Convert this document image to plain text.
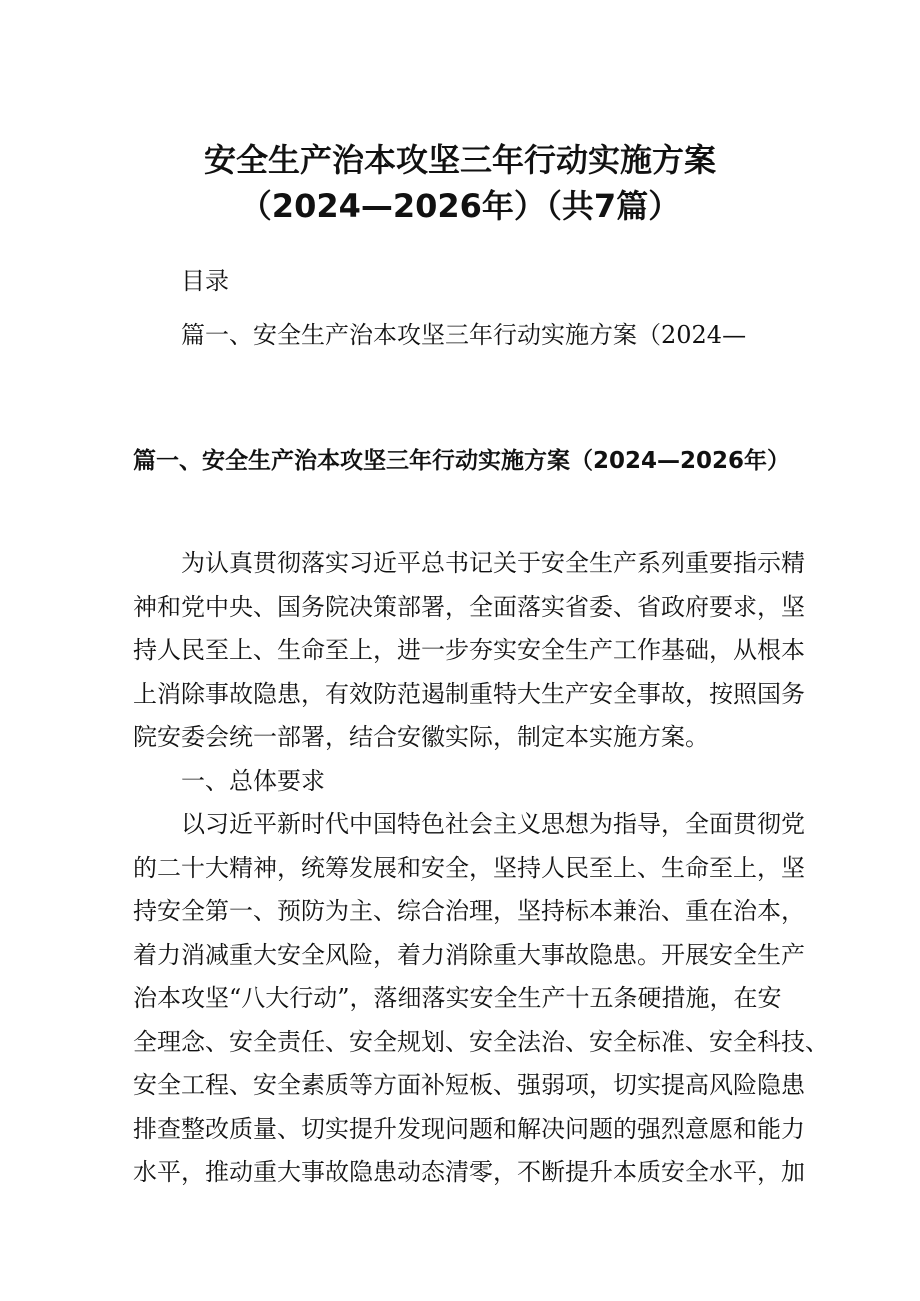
安全生产治本攻坚三年行动实施方案
（2024—2026年）（共7篇）
目录
篇一、安全生产治本攻坚三年行动实施方案（2024—
篇一、安全生产治本攻坚三年行动实施方案（2024—2026年）
　　为认真贯彻落实习近平总书记关于安全生产系列重要指示精
神和党中央、国务院决策部署，全面落实省委、省政府要求，坚
持人民至上、生命至上，进一步夯实安全生产工作基础，从根本
上消除事故隐患，有效防范遏制重特大生产安全事故，按照国务
院安委会统一部署，结合安徽实际，制定本实施方案。
　　一、总体要求
　　以习近平新时代中国特色社会主义思想为指导，全面贯彻党
的二十大精神，统筹发展和安全，坚持人民至上、生命至上，坚
持安全第一、预防为主、综合治理，坚持标本兼治、重在治本，
着力消减重大安全风险，着力消除重大事故隐患。开展安全生产
治本攻坚“八大行动”，落细落实安全生产十五条硬措施，在安
全理念、安全责任、安全规划、安全法治、安全标准、安全科技、
安全工程、安全素质等方面补短板、强弱项，切实提高风险隐患
排查整改质量、切实提升发现问题和解决问题的强烈意愿和能力
水平，推动重大事故隐患动态清零，不断提升本质安全水平，加
